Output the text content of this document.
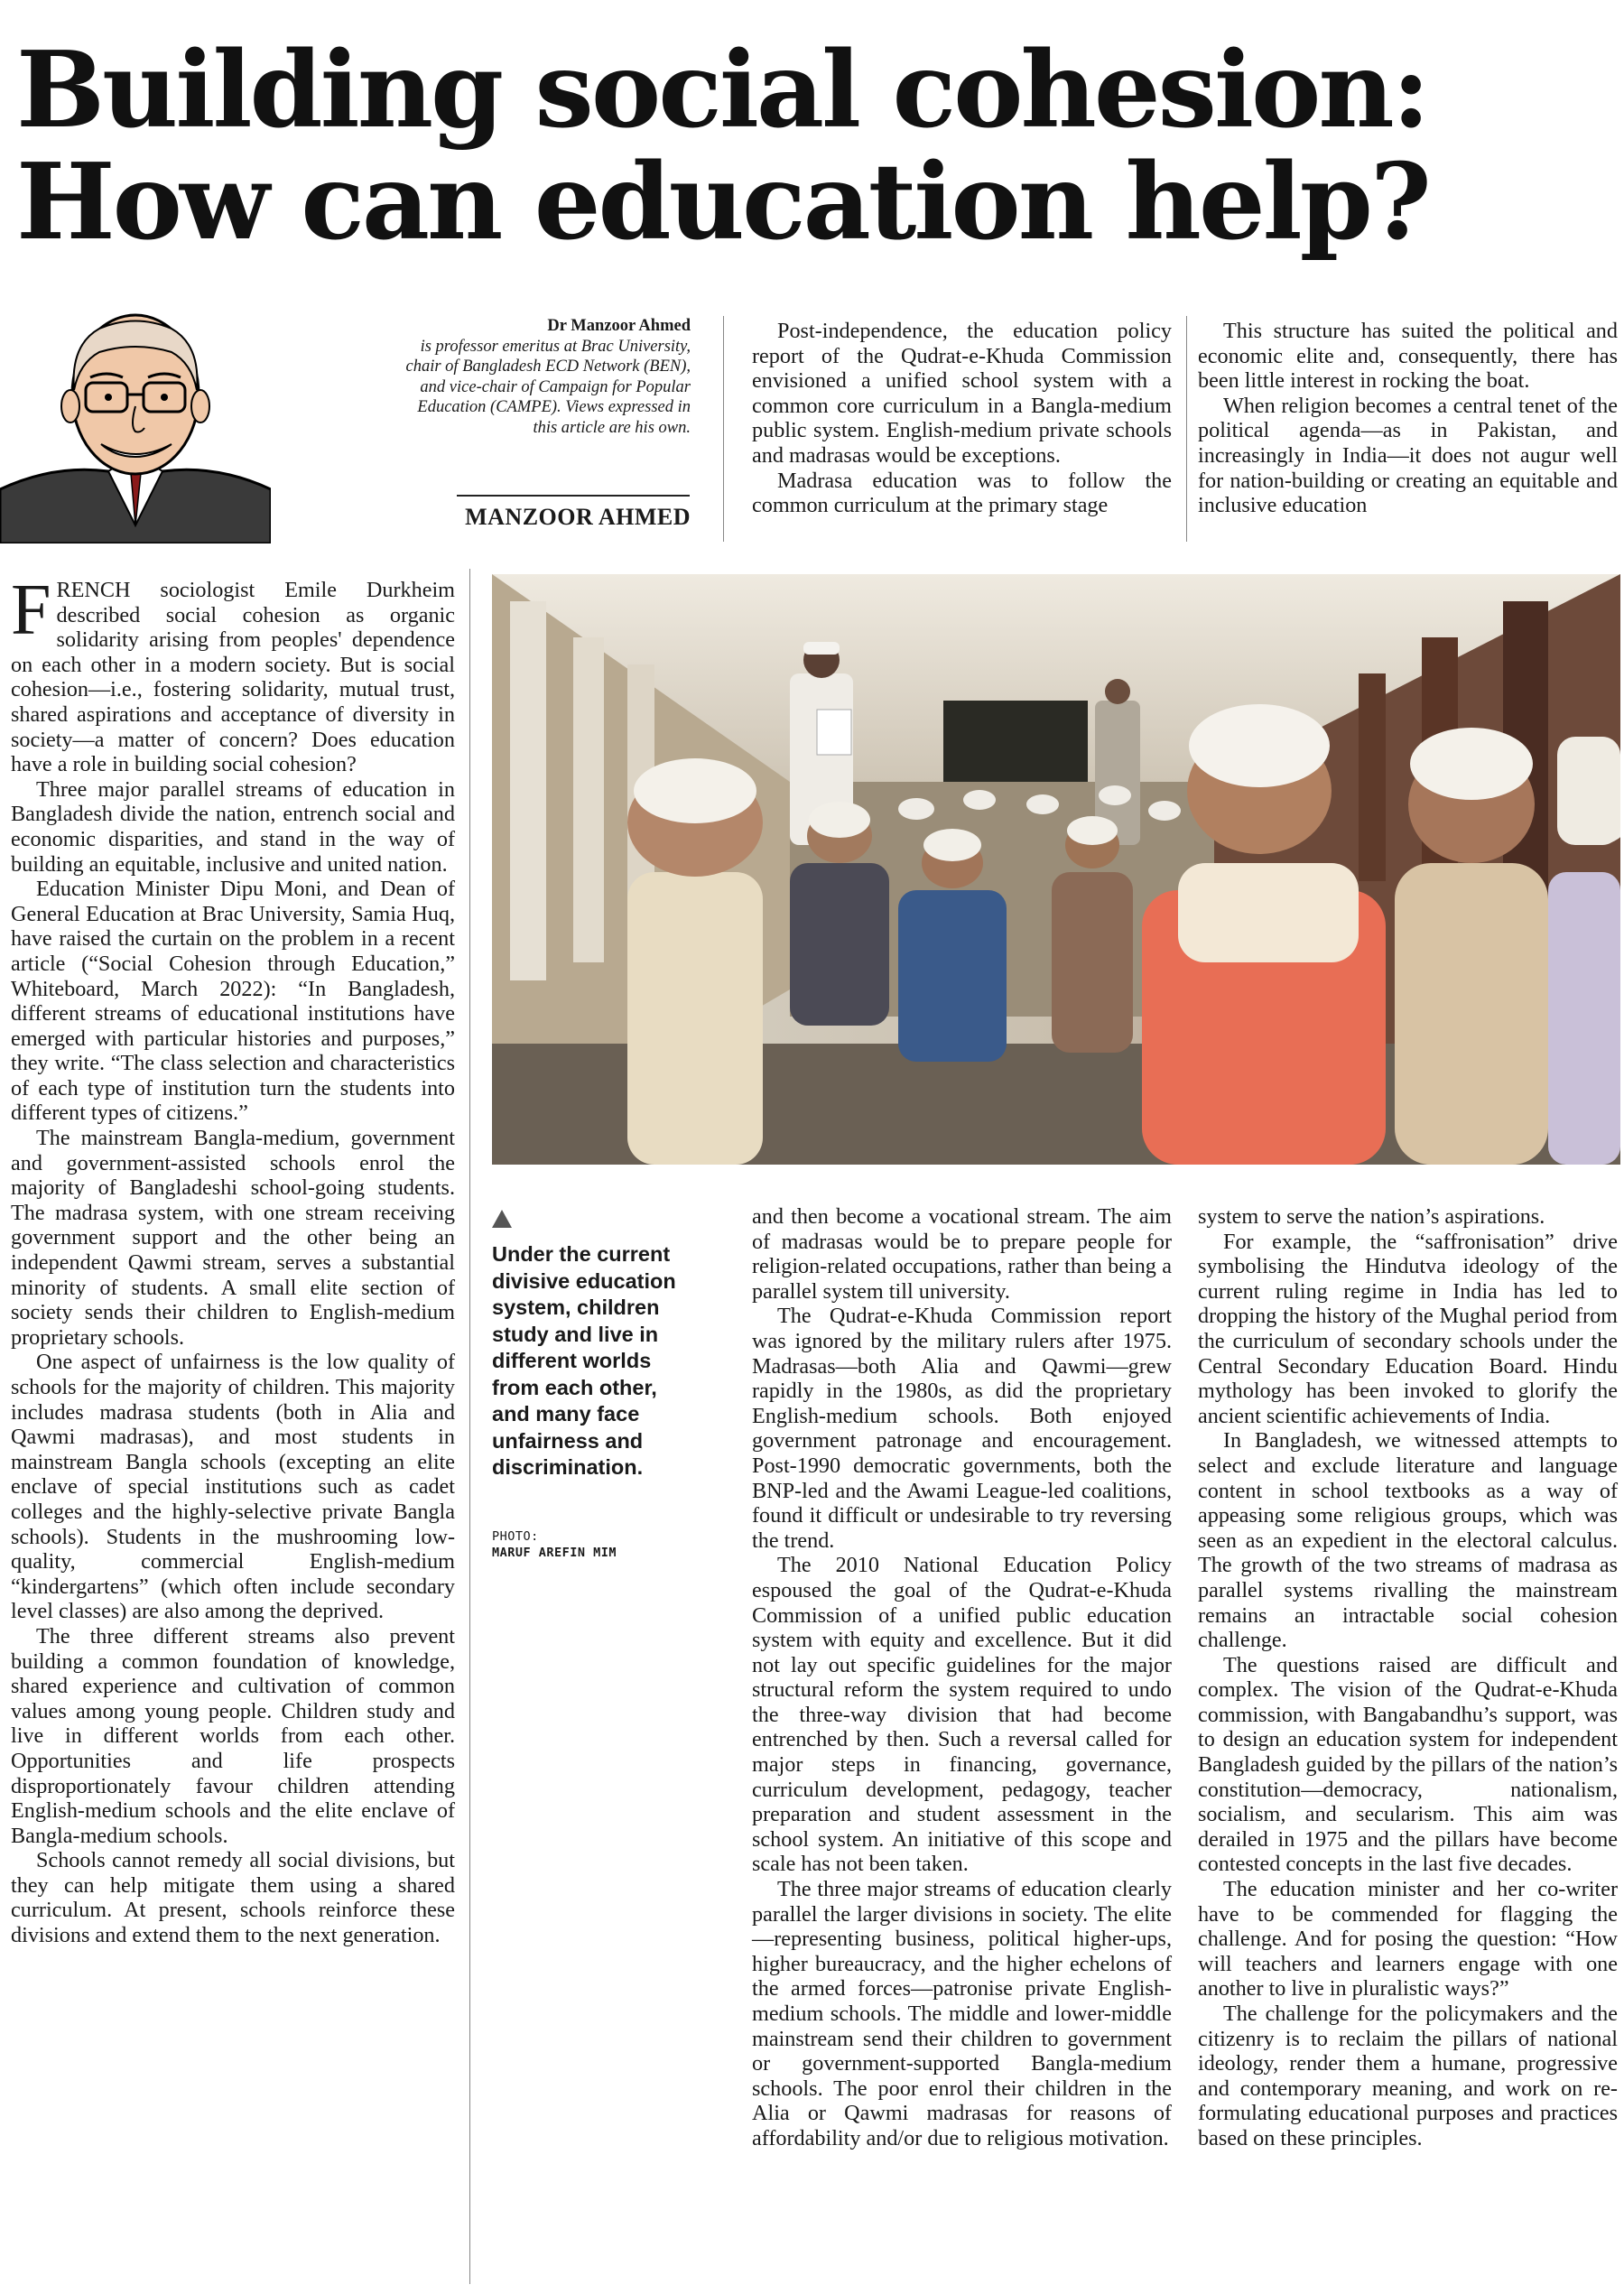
Building social cohesion:
How can education help?
Dr Manzoor Ahmed
is professor emeritus at Brac University, chair of Bangladesh ECD Network (BEN), and vice-chair of Campaign for Popular Education (CAMPE). Views expressed in this article are his own.
MANZOOR AHMED

Post-independence, the education policy report of the Qudrat-e-Khuda Commission envisioned a unified school system with a common core curriculum in a Bangla-medium public system. English-medium private schools and madrasas would be exceptions.

Madrasa education was to follow the common curriculum at the primary stage

This structure has suited the political and economic elite and, consequently, there has been little interest in rocking the boat.

When religion becomes a central tenet of the political agenda—as in Pakistan, and increasingly in India—it does not augur well for nation-building or creating an equitable and inclusive education

FRENCH sociologist Emile Durkheim described social cohesion as organic solidarity arising from peoples' dependence on each other in a modern society. But is social cohesion—i.e., fostering solidarity, mutual trust, shared aspirations and acceptance of diversity in society—a matter of concern? Does education have a role in building social cohesion?

Three major parallel streams of education in Bangladesh divide the nation, entrench social and economic disparities, and stand in the way of building an equitable, inclusive and united nation.

Education Minister Dipu Moni, and Dean of General Education at Brac University, Samia Huq, have raised the curtain on the problem in a recent article (“Social Cohesion through Education,” Whiteboard, March 2022): “In Bangladesh, different streams of educational institutions have emerged with particular histories and purposes,” they write. “The class selection and characteristics of each type of institution turn the students into different types of citizens.”

The mainstream Bangla-medium, government and government-assisted schools enrol the majority of Bangladeshi school-going students. The madrasa system, with one stream receiving government support and the other being an independent Qawmi stream, serves a substantial minority of students. A small elite section of society sends their children to English-medium proprietary schools.

One aspect of unfairness is the low quality of schools for the majority of children. This majority includes madrasa students (both in Alia and Qawmi madrasas), and most students in mainstream Bangla schools (excepting an elite enclave of special institutions such as cadet colleges and the highly-selective private Bangla schools). Students in the mushrooming low-quality, commercial English-medium “kindergartens” (which often include secondary level classes) are also among the deprived.

The three different streams also prevent building a common foundation of knowledge, shared experience and cultivation of common values among young people. Children study and live in different worlds from each other. Opportunities and life prospects disproportionately favour children attending English-medium schools and the elite enclave of Bangla-medium schools.

Schools cannot remedy all social divisions, but they can help mitigate them using a shared curriculum. At present, schools reinforce these divisions and extend them to the next generation.

Under the current divisive education system, children study and live in different worlds from each other, and many face unfairness and discrimination.
PHOTO:
MARUF AREFIN MIM

and then become a vocational stream. The aim of madrasas would be to prepare people for religion-related occupations, rather than being a parallel system till university.

The Qudrat-e-Khuda Commission report was ignored by the military rulers after 1975. Madrasas—both Alia and Qawmi—grew rapidly in the 1980s, as did the proprietary English-medium schools. Both enjoyed government patronage and encouragement. Post-1990 democratic governments, both the BNP-led and the Awami League-led coalitions, found it difficult or undesirable to try reversing the trend.

The 2010 National Education Policy espoused the goal of the Qudrat-e-Khuda Commission of a unified public education system with equity and excellence. But it did not lay out specific guidelines for the major structural reform the system required to undo the three-way division that had become entrenched by then. Such a reversal called for major steps in financing, governance, curriculum development, pedagogy, teacher preparation and student assessment in the school system. An initiative of this scope and scale has not been taken.

The three major streams of education clearly parallel the larger divisions in society. The elite—representing business, political higher-ups, higher bureaucracy, and the higher echelons of the armed forces—patronise private English-medium schools. The middle and lower-middle mainstream send their children to government or government-supported Bangla-medium schools. The poor enrol their children in the Alia or Qawmi madrasas for reasons of affordability and/or due to religious motivation.

system to serve the nation’s aspirations.

For example, the “saffronisation” drive symbolising the Hindutva ideology of the current ruling regime in India has led to dropping the history of the Mughal period from the curriculum of secondary schools under the Central Secondary Education Board. Hindu mythology has been invoked to glorify the ancient scientific achievements of India.

In Bangladesh, we witnessed attempts to select and exclude literature and language content in school textbooks as a way of appeasing some religious groups, which was seen as an expedient in the electoral calculus. The growth of the two streams of madrasa as parallel systems rivalling the mainstream remains an intractable social cohesion challenge.

The questions raised are difficult and complex. The vision of the Qudrat-e-Khuda commission, with Bangabandhu’s support, was to design an education system for independent Bangladesh guided by the pillars of the nation’s constitution—democracy, nationalism, socialism, and secularism. This aim was derailed in 1975 and the pillars have become contested concepts in the last five decades.

The education minister and her co-writer have to be commended for flagging the challenge. And for posing the question: “How will teachers and learners engage with one another to live in pluralistic ways?”

The challenge for the policymakers and the citizenry is to reclaim the pillars of national ideology, render them a humane, progressive and contemporary meaning, and work on re-formulating educational purposes and practices based on these principles.
